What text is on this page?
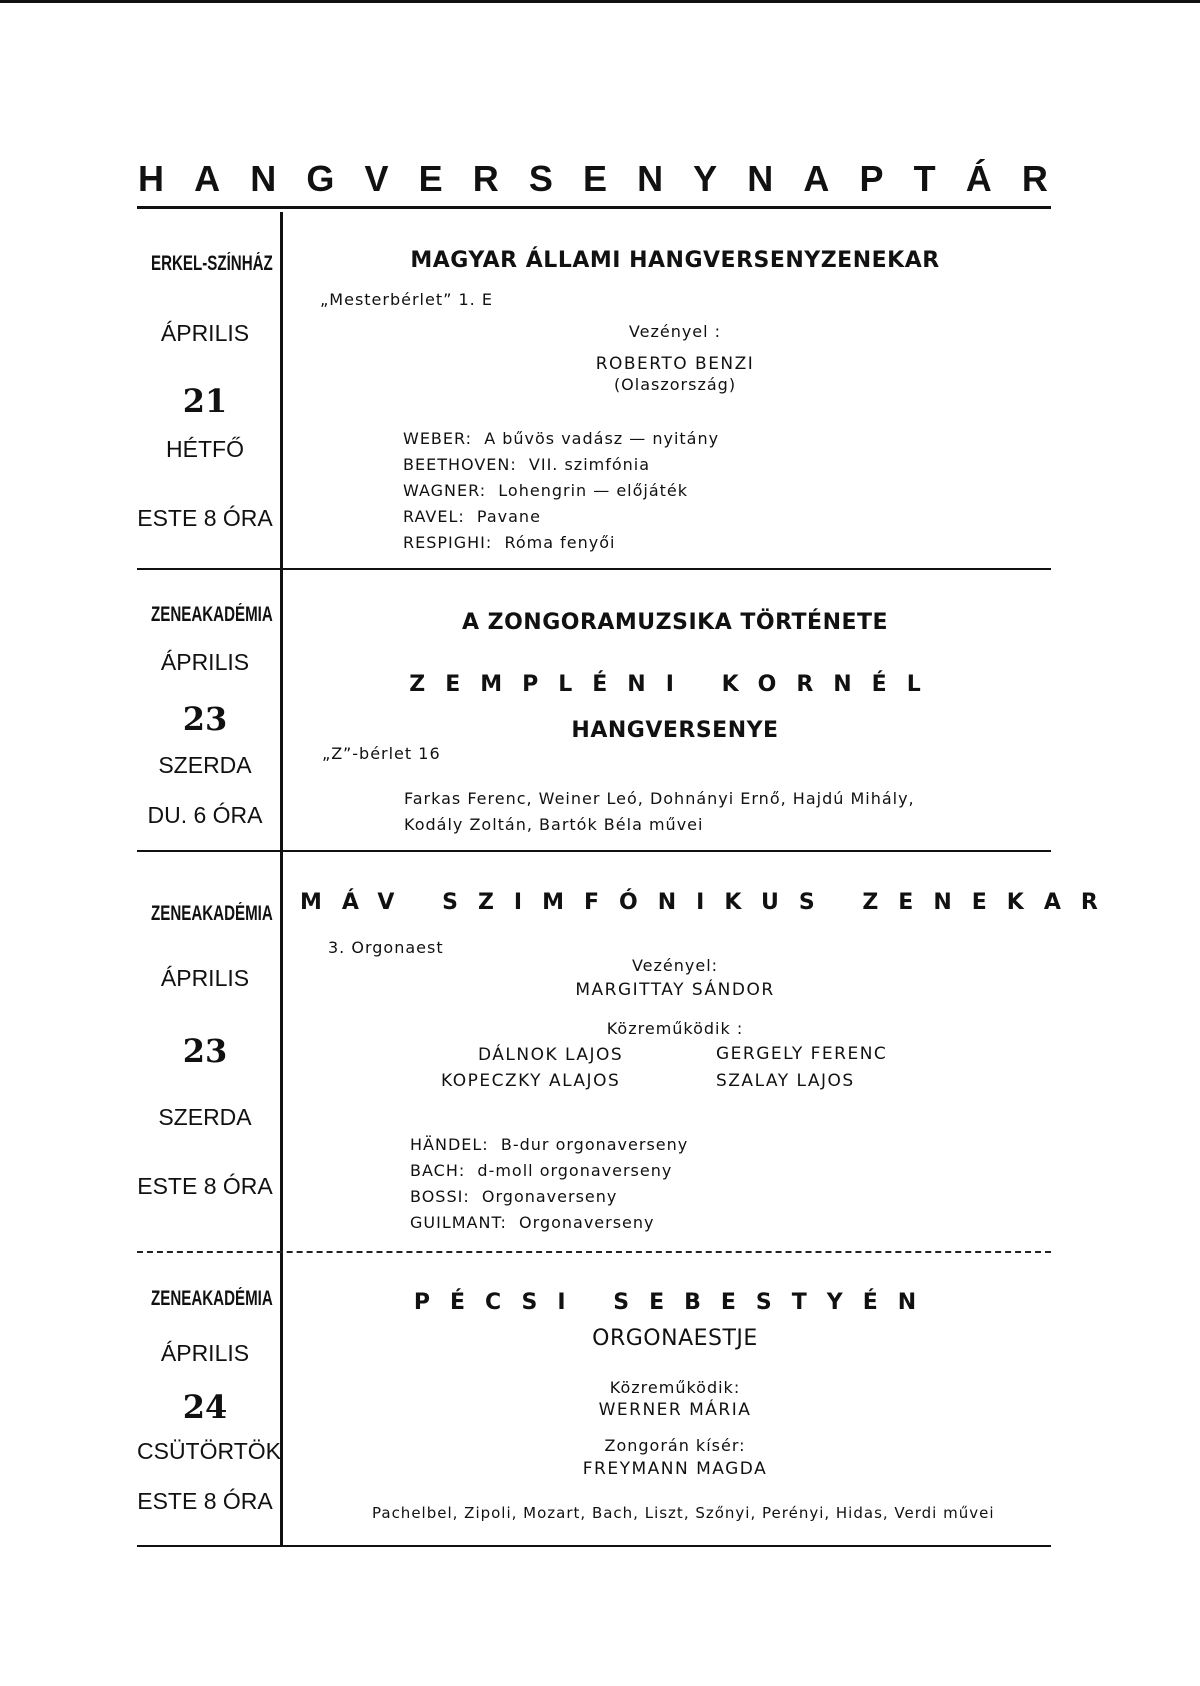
H A N G V E R S E N Y N A P T Á R
ERKEL-SZÍNHÁZ
ÁPRILIS
21
HÉTFŐ
ESTE 8 ÓRA
MAGYAR ÁLLAMI HANGVERSENYZENEKAR
„Mesterbérlet” 1. E
Vezényel :
ROBERTO BENZI
(Olaszország)
WEBER: A bűvös vadász — nyitány
BEETHOVEN: VII. szimfónia
WAGNER: Lohengrin — előjáték
RAVEL: Pavane
RESPIGHI: Róma fenyői
ZENEAKADÉMIA
ÁPRILIS
23
SZERDA
DU. 6 ÓRA
A ZONGORAMUZSIKA TÖRTÉNETE
ZEMPLÉNI KORNÉL
HANGVERSENYE
„Z”-bérlet 16
Farkas Ferenc, Weiner Leó, Dohnányi Ernő, Hajdú Mihály,
Kodály Zoltán, Bartók Béla művei
ZENEAKADÉMIA
ÁPRILIS
23
SZERDA
ESTE 8 ÓRA
MÁV SZIMFÓNIKUS ZENEKAR
3. Orgonaest
Vezényel:
MARGITTAY SÁNDOR
Közreműködik :
DÁLNOK LAJOS	GERGELY FERENC
KOPECZKY ALAJOS	SZALAY LAJOS
HÄNDEL: B-dur orgonaverseny
BACH: d-moll orgonaverseny
BOSSI: Orgonaverseny
GUILMANT: Orgonaverseny
ZENEAKADÉMIA
ÁPRILIS
24
CSÜTÖRTÖK
ESTE 8 ÓRA
PÉCSI SEBESTYÉN
ORGONAESTJE
Közreműködik:
WERNER MÁRIA
Zongorán kísér:
FREYMANN MAGDA
Pachelbel, Zipoli, Mozart, Bach, Liszt, Szőnyi, Perényi, Hidas, Verdi művei
